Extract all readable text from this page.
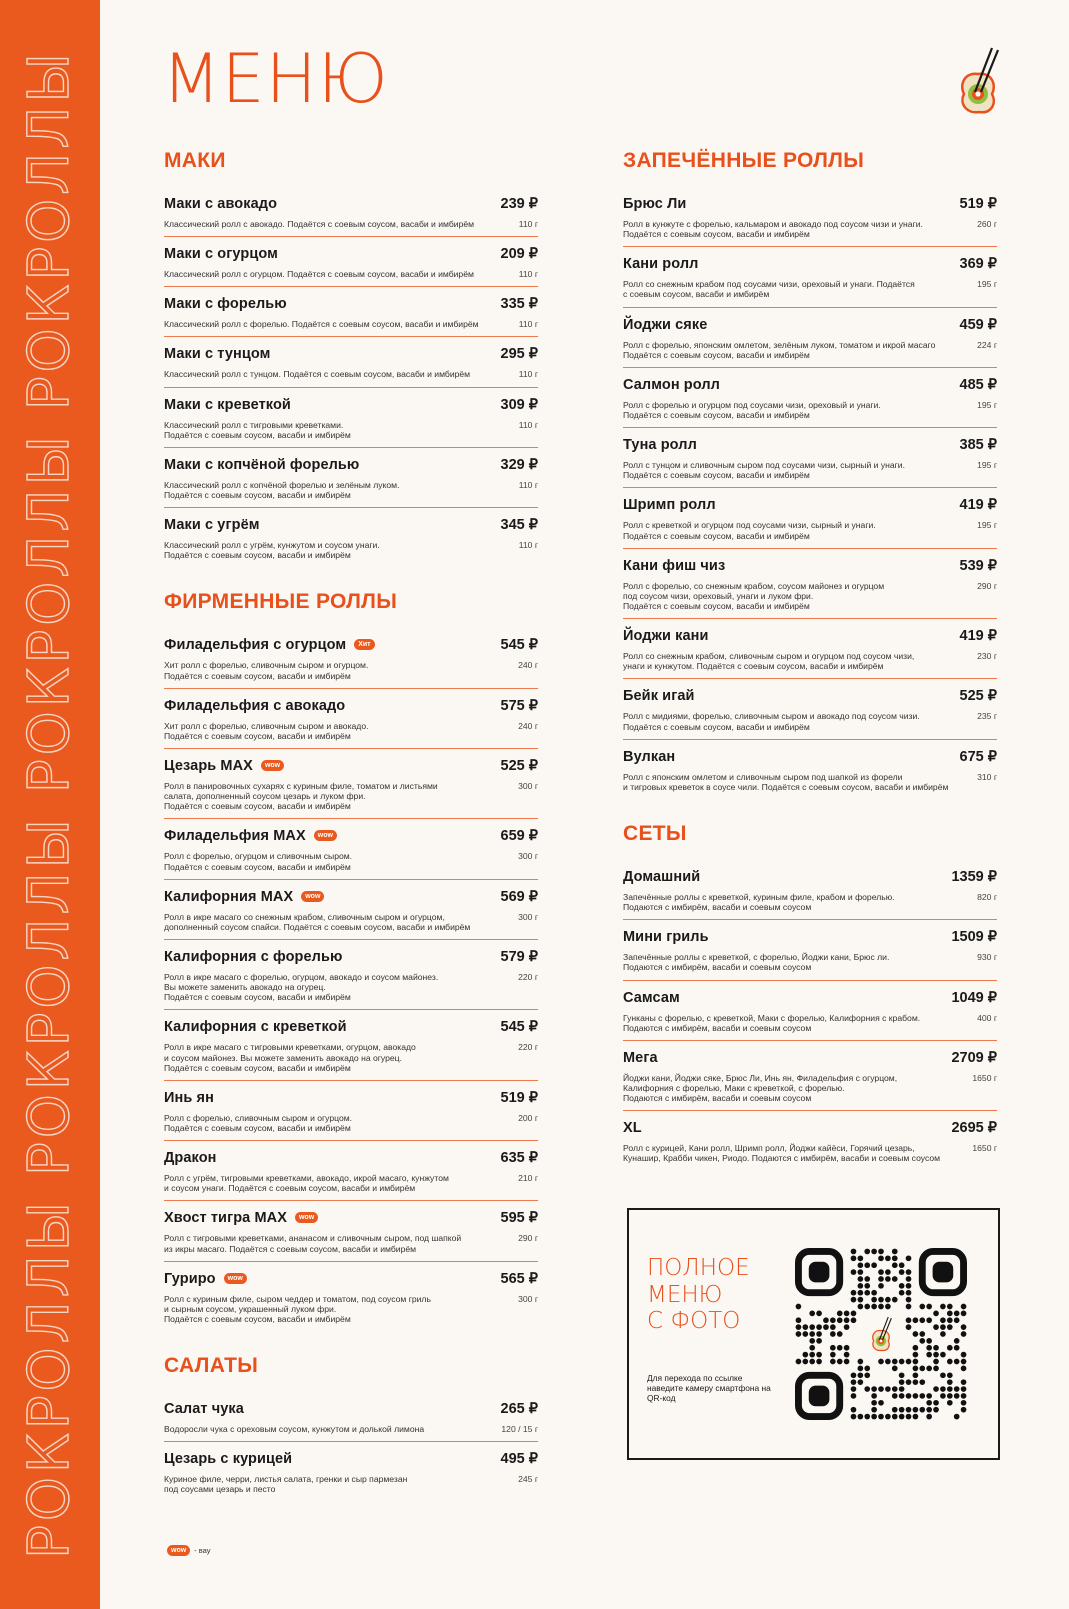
РОКРОЛЛЫ РОКРОЛЛЫ РОКРОЛЛЫ РОКРОЛЛЫ МЕНЮ
МАКИ
Маки с авокадо	239 ₽
Классический ролл с авокадо. Подаётся с соевым соусом, васаби и имбирём	110 г
Маки с огурцом	209 ₽
Классический ролл с огурцом. Подаётся с соевым соусом, васаби и имбирём	110 г
Маки с форелью	335 ₽
Классический ролл с форелью. Подаётся с соевым соусом, васаби и имбирём	110 г
Маки с тунцом	295 ₽
Классический ролл с тунцом. Подаётся с соевым соусом, васаби и имбирём	110 г
Маки с креветкой	309 ₽
Классический ролл с тигровыми креветками.
Подаётся с соевым соусом, васаби и имбирём
110 г
Маки с копчёной форелью	329 ₽
Классический ролл с копчёной форелью и зелёным луком.
Подаётся с соевым соусом, васаби и имбирём
110 г
Маки с угрём	345 ₽
Классический ролл с угрём, кунжутом и соусом унаги.
Подаётся с соевым соусом, васаби и имбирём
110 г
ФИРМЕННЫЕ РОЛЛЫ
Филадельфия с огурцом Хит	545 ₽
Хит ролл с форелью, сливочным сыром и огурцом.
Подаётся с соевым соусом, васаби и имбирём
240 г
Филадельфия с авокадо	575 ₽
Хит ролл с форелью, сливочным сыром и авокадо.
Подаётся с соевым соусом, васаби и имбирём
240 г
Цезарь MAX wow	525 ₽
Ролл в панировочных сухарях с куриным филе, томатом и листьями
салата, дополненный соусом цезарь и луком фри.
Подаётся с соевым соусом, васаби и имбирём
300 г
Филадельфия MAX wow	659 ₽
Ролл с форелью, огурцом и сливочным сыром.
Подаётся с соевым соусом, васаби и имбирём
300 г
Калифорния MAX wow	569 ₽
Ролл в икре масаго со снежным крабом, сливочным сыром и огурцом,
дополненный соусом спайси. Подаётся с соевым соусом, васаби и имбирём
300 г
Калифорния с форелью	579 ₽
Ролл в икре масаго с форелью, огурцом, авокадо и соусом майонез.
Вы можете заменить авокадо на огурец.
Подаётся с соевым соусом, васаби и имбирём
220 г
Калифорния с креветкой	545 ₽
Ролл в икре масаго с тигровыми креветками, огурцом, авокадо
и соусом майонез. Вы можете заменить авокадо на огурец.
Подаётся с соевым соусом, васаби и имбирём
220 г
Инь ян	519 ₽
Ролл с форелью, сливочным сыром и огурцом.
Подаётся с соевым соусом, васаби и имбирём
200 г
Дракон	635 ₽
Ролл с угрём, тигровыми креветками, авокадо, икрой масаго, кунжутом
и соусом унаги. Подаётся с соевым соусом, васаби и имбирём
210 г
Хвост тигра MAX wow	595 ₽
Ролл с тигровыми креветками, ананасом и сливочным сыром, под шапкой
из икры масаго. Подаётся с соевым соусом, васаби и имбирём
290 г
Гуриро wow	565 ₽
Ролл с куриным филе, сыром чеддер и томатом, под соусом гриль
и сырным соусом, украшенный луком фри.
Подаётся с соевым соусом, васаби и имбирём
300 г
САЛАТЫ
Салат чука	265 ₽
Водоросли чука с ореховым соусом, кунжутом и долькой лимона	120 / 15 г
Цезарь с курицей	495 ₽
Куриное филе, черри, листья салата, гренки и сыр пармезан
под соусами цезарь и песто
245 г
ЗАПЕЧЁННЫЕ РОЛЛЫ
Брюс Ли	519 ₽
Ролл в кунжуте с форелью, кальмаром и авокадо под соусом чизи и унаги.
Подаётся с соевым соусом, васаби и имбирём
260 г
Кани ролл	369 ₽
Ролл со снежным крабом под соусами чизи, ореховый и унаги. Подаётся
с соевым соусом, васаби и имбирём
195 г
Йоджи сяке	459 ₽
Ролл с форелью, японским омлетом, зелёным луком, томатом и икрой масаго
Подаётся с соевым соусом, васаби и имбирём
224 г
Салмон ролл	485 ₽
Ролл с форелью и огурцом под соусами чизи, ореховый и унаги.
Подаётся с соевым соусом, васаби и имбирём
195 г
Туна ролл	385 ₽
Ролл с тунцом и сливочным сыром под соусами чизи, сырный и унаги.
Подаётся с соевым соусом, васаби и имбирём
195 г
Шримп ролл	419 ₽
Ролл с креветкой и огурцом под соусами чизи, сырный и унаги.
Подаётся с соевым соусом, васаби и имбирём
195 г
Кани фиш чиз	539 ₽
Ролл с форелью, со снежным крабом, соусом майонез и огурцом
под соусом чизи, ореховый, унаги и луком фри.
Подаётся с соевым соусом, васаби и имбирём
290 г
Йоджи кани	419 ₽
Ролл со снежным крабом, сливочным сыром и огурцом под соусом чизи,
унаги и кунжутом. Подаётся с соевым соусом, васаби и имбирём
230 г
Бейк игай	525 ₽
Ролл с мидиями, форелью, сливочным сыром и авокадо под соусом чизи.
Подаётся с соевым соусом, васаби и имбирём
235 г
Вулкан	675 ₽
Ролл с японским омлетом и сливочным сыром под шапкой из форели
и тигровых креветок в соусе чили. Подаётся с соевым соусом, васаби и имбирём
310 г
СЕТЫ
Домашний	1359 ₽
Запечённые роллы с креветкой, куриным филе, крабом и форелью.
Подаются с имбирём, васаби и соевым соусом
820 г
Мини гриль	1509 ₽
Запечённые роллы с креветкой, с форелью, Йоджи кани, Брюс ли.
Подаются с имбирём, васаби и соевым соусом
930 г
Самсам	1049 ₽
Гунканы с форелью, с креветкой, Маки с форелью, Калифорния с крабом.
Подаются с имбирём, васаби и соевым соусом
400 г
Мега	2709 ₽
Йоджи кани, Йоджи сяке, Брюс Ли, Инь ян, Филадельфия с огурцом,
Калифорния с форелью, Маки с креветкой, с форелью.
Подаются с имбирём, васаби и соевым соусом
1650 г
XL	2695 ₽
Ролл с курицей, Кани ролл, Шримп ролл, Йоджи кайёси, Горячий цезарь,
Кунашир, Крабби чикен, Риодо. Подаются с имбирём, васаби и соевым соусом
1650 г
ПОЛНОЕ
МЕНЮ
С ФОТО
Для перехода по ссылке наведите камеру смартфона на QR-код
wow	- вау
